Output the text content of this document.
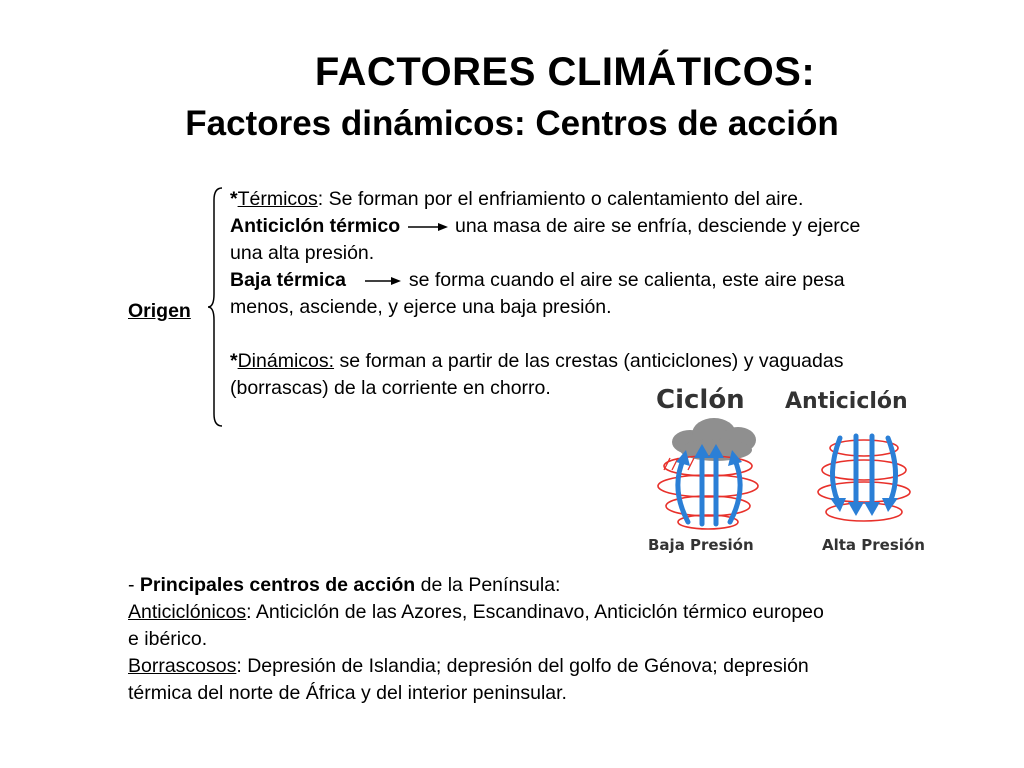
FACTORES CLIMÁTICOS:
Factores dinámicos: Centros de acción
Origen
*Térmicos: Se forman por el enfriamiento o calentamiento del aire.
Anticiclón térmico	una masa de aire se enfría, desciende y ejerce
una alta presión.
Baja térmica	se forma cuando el aire se calienta, este aire pesa
menos, asciende, y ejerce una baja presión.
*Dinámicos: se forman a partir de las crestas (anticiclones) y vaguadas
(borrascas) de la corriente en chorro.	Ciclón Anticiclón
Baja Presión	Alta Presión
- Principales centros de acción de la Península:
Anticiclónicos: Anticiclón de las Azores, Escandinavo, Anticiclón térmico europeo
e ibérico.
Borrascosos: Depresión de Islandia; depresión del golfo de Génova; depresión
térmica del norte de África y del interior peninsular.
